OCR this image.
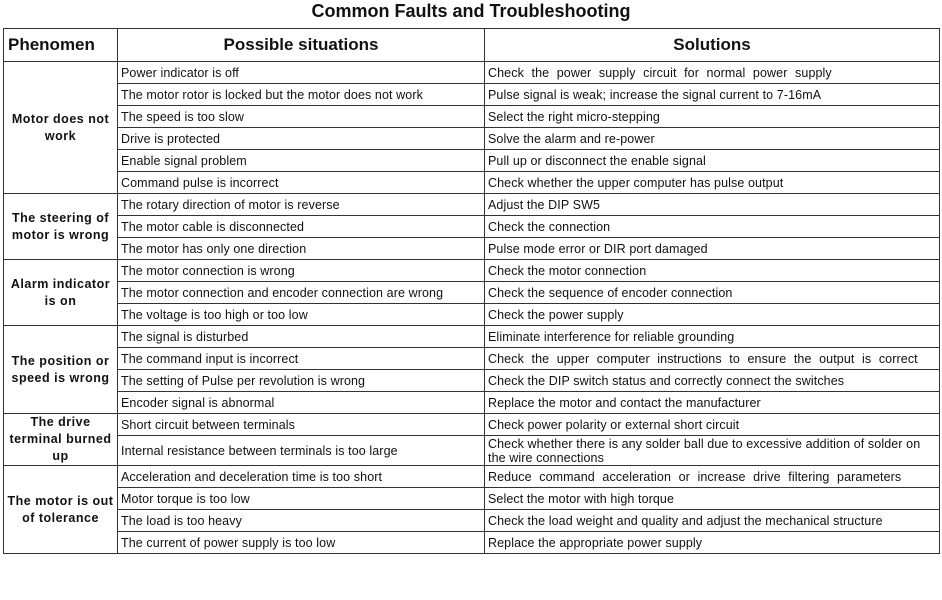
Common Faults and Troubleshooting
Phenomen	Possible situations	Solutions
Motor does not work	Power indicator is off	Check the power supply circuit for normal power supply
	The motor rotor is locked but the motor does not work	Pulse signal is weak; increase the signal current to 7-16mA
	The speed is too slow	Select the right micro-stepping
	Drive is protected	Solve the alarm and re-power
	Enable signal problem	Pull up or disconnect the enable signal
	Command pulse is incorrect	Check whether the upper computer has pulse output
The steering of motor is wrong	The rotary direction of motor is reverse	Adjust the DIP SW5
	The motor cable is disconnected	Check the connection
	The motor has only one direction	Pulse mode error or DIR port damaged
Alarm indicator is on	The motor connection is wrong	Check the motor connection
	The motor connection and encoder connection are wrong	Check the sequence of encoder connection
	The voltage is too high or too low	Check the power supply
The position or speed is wrong	The signal is disturbed	Eliminate interference for reliable grounding
	The command input is incorrect	Check the upper computer instructions to ensure the output is correct
	The setting of Pulse per revolution is wrong	Check the DIP switch status and correctly connect the switches
	Encoder signal is abnormal	Replace the motor and contact the manufacturer
The drive terminal burned up	Short circuit between terminals	Check power polarity or external short circuit
	Internal resistance between terminals is too large	Check whether there is any solder ball due to excessive addition of solder on the wire connections
The motor is out of tolerance	Acceleration and deceleration time is too short	Reduce command acceleration or increase drive filtering parameters
	Motor torque is too low	Select the motor with high torque
	The load is too heavy	Check the load weight and quality and adjust the mechanical structure
	The current of power supply is too low	Replace the appropriate power supply
